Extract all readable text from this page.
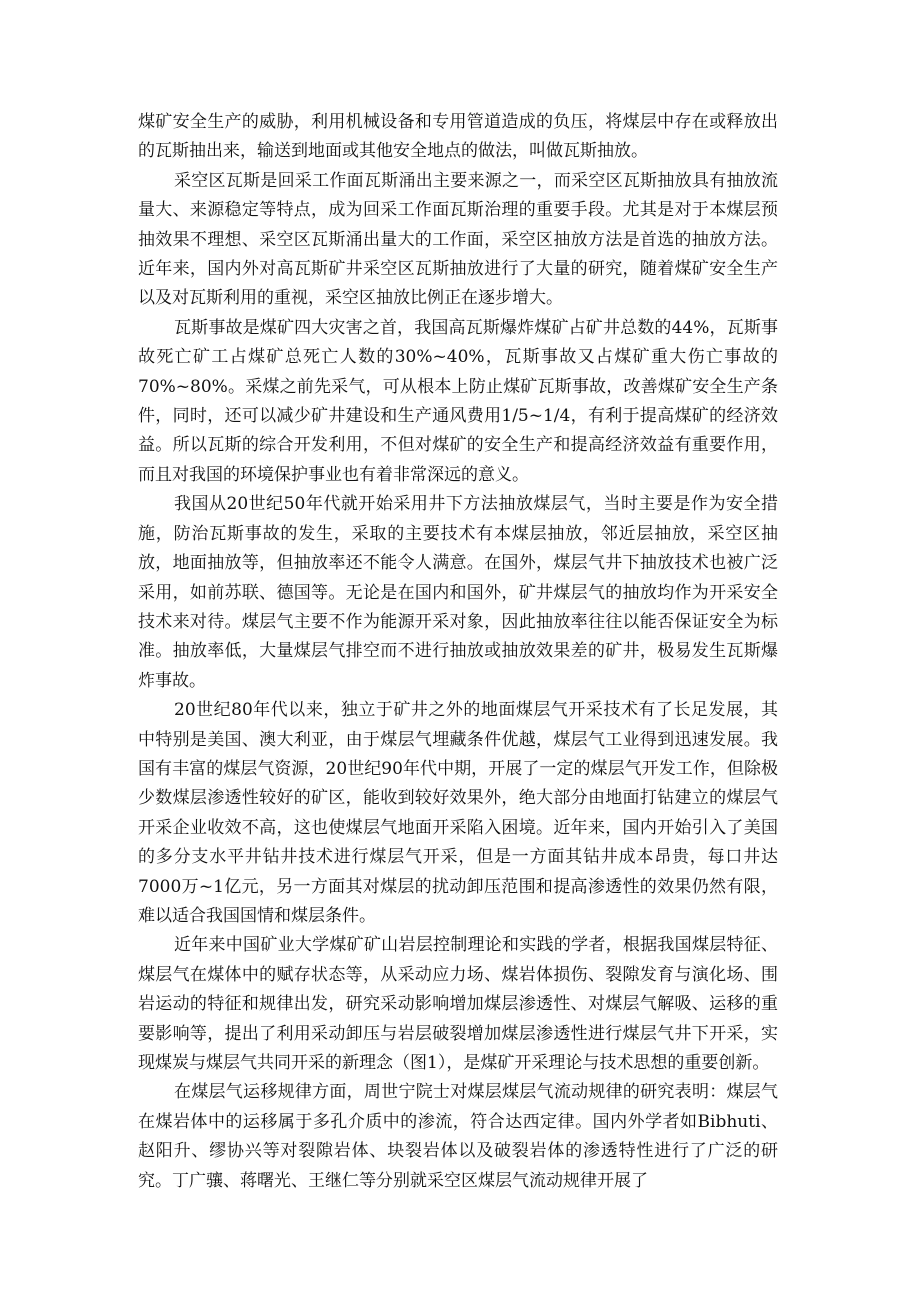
煤矿安全生产的威胁，利用机械设备和专用管道造成的负压，将煤层中存在或释放出的瓦斯抽出来，输送到地面或其他安全地点的做法，叫做瓦斯抽放。

采空区瓦斯是回采工作面瓦斯涌出主要来源之一，而采空区瓦斯抽放具有抽放流量大、来源稳定等特点，成为回采工作面瓦斯治理的重要手段。尤其是对于本煤层预抽效果不理想、采空区瓦斯涌出量大的工作面，采空区抽放方法是首选的抽放方法。近年来，国内外对高瓦斯矿井采空区瓦斯抽放进行了大量的研究，随着煤矿安全生产以及对瓦斯利用的重视，采空区抽放比例正在逐步增大。

瓦斯事故是煤矿四大灾害之首，我国高瓦斯爆炸煤矿占矿井总数的44%，瓦斯事故死亡矿工占煤矿总死亡人数的30%~40%，瓦斯事故又占煤矿重大伤亡事故的70%~80%。采煤之前先采气，可从根本上防止煤矿瓦斯事故，改善煤矿安全生产条件，同时，还可以减少矿井建设和生产通风费用1/5~1/4，有利于提高煤矿的经济效益。所以瓦斯的综合开发利用，不但对煤矿的安全生产和提高经济效益有重要作用，而且对我国的环境保护事业也有着非常深远的意义。

我国从20世纪50年代就开始采用井下方法抽放煤层气，当时主要是作为安全措施，防治瓦斯事故的发生，采取的主要技术有本煤层抽放，邻近层抽放，采空区抽放，地面抽放等，但抽放率还不能令人满意。在国外，煤层气井下抽放技术也被广泛采用，如前苏联、德国等。无论是在国内和国外，矿井煤层气的抽放均作为开采安全技术来对待。煤层气主要不作为能源开采对象，因此抽放率往往以能否保证安全为标准。抽放率低，大量煤层气排空而不进行抽放或抽放效果差的矿井，极易发生瓦斯爆炸事故。

20世纪80年代以来，独立于矿井之外的地面煤层气开采技术有了长足发展，其中特别是美国、澳大利亚，由于煤层气埋藏条件优越，煤层气工业得到迅速发展。我国有丰富的煤层气资源，20世纪90年代中期，开展了一定的煤层气开发工作，但除极少数煤层渗透性较好的矿区，能收到较好效果外，绝大部分由地面打钻建立的煤层气开采企业收效不高，这也使煤层气地面开采陷入困境。近年来，国内开始引入了美国的多分支水平井钻井技术进行煤层气开采，但是一方面其钻井成本昂贵，每口井达7000万~1亿元，另一方面其对煤层的扰动卸压范围和提高渗透性的效果仍然有限，难以适合我国国情和煤层条件。

近年来中国矿业大学煤矿矿山岩层控制理论和实践的学者，根据我国煤层特征、煤层气在煤体中的赋存状态等，从采动应力场、煤岩体损伤、裂隙发育与演化场、围岩运动的特征和规律出发，研究采动影响增加煤层渗透性、对煤层气解吸、运移的重要影响等，提出了利用采动卸压与岩层破裂增加煤层渗透性进行煤层气井下开采，实现煤炭与煤层气共同开采的新理念（图1），是煤矿开采理论与技术思想的重要创新。

在煤层气运移规律方面，周世宁院士对煤层煤层气流动规律的研究表明：煤层气在煤岩体中的运移属于多孔介质中的渗流，符合达西定律。国内外学者如Bibhuti、赵阳升、缪协兴等对裂隙岩体、块裂岩体以及破裂岩体的渗透特性进行了广泛的研究。丁广骧、蒋曙光、王继仁等分别就采空区煤层气流动规律开展了
